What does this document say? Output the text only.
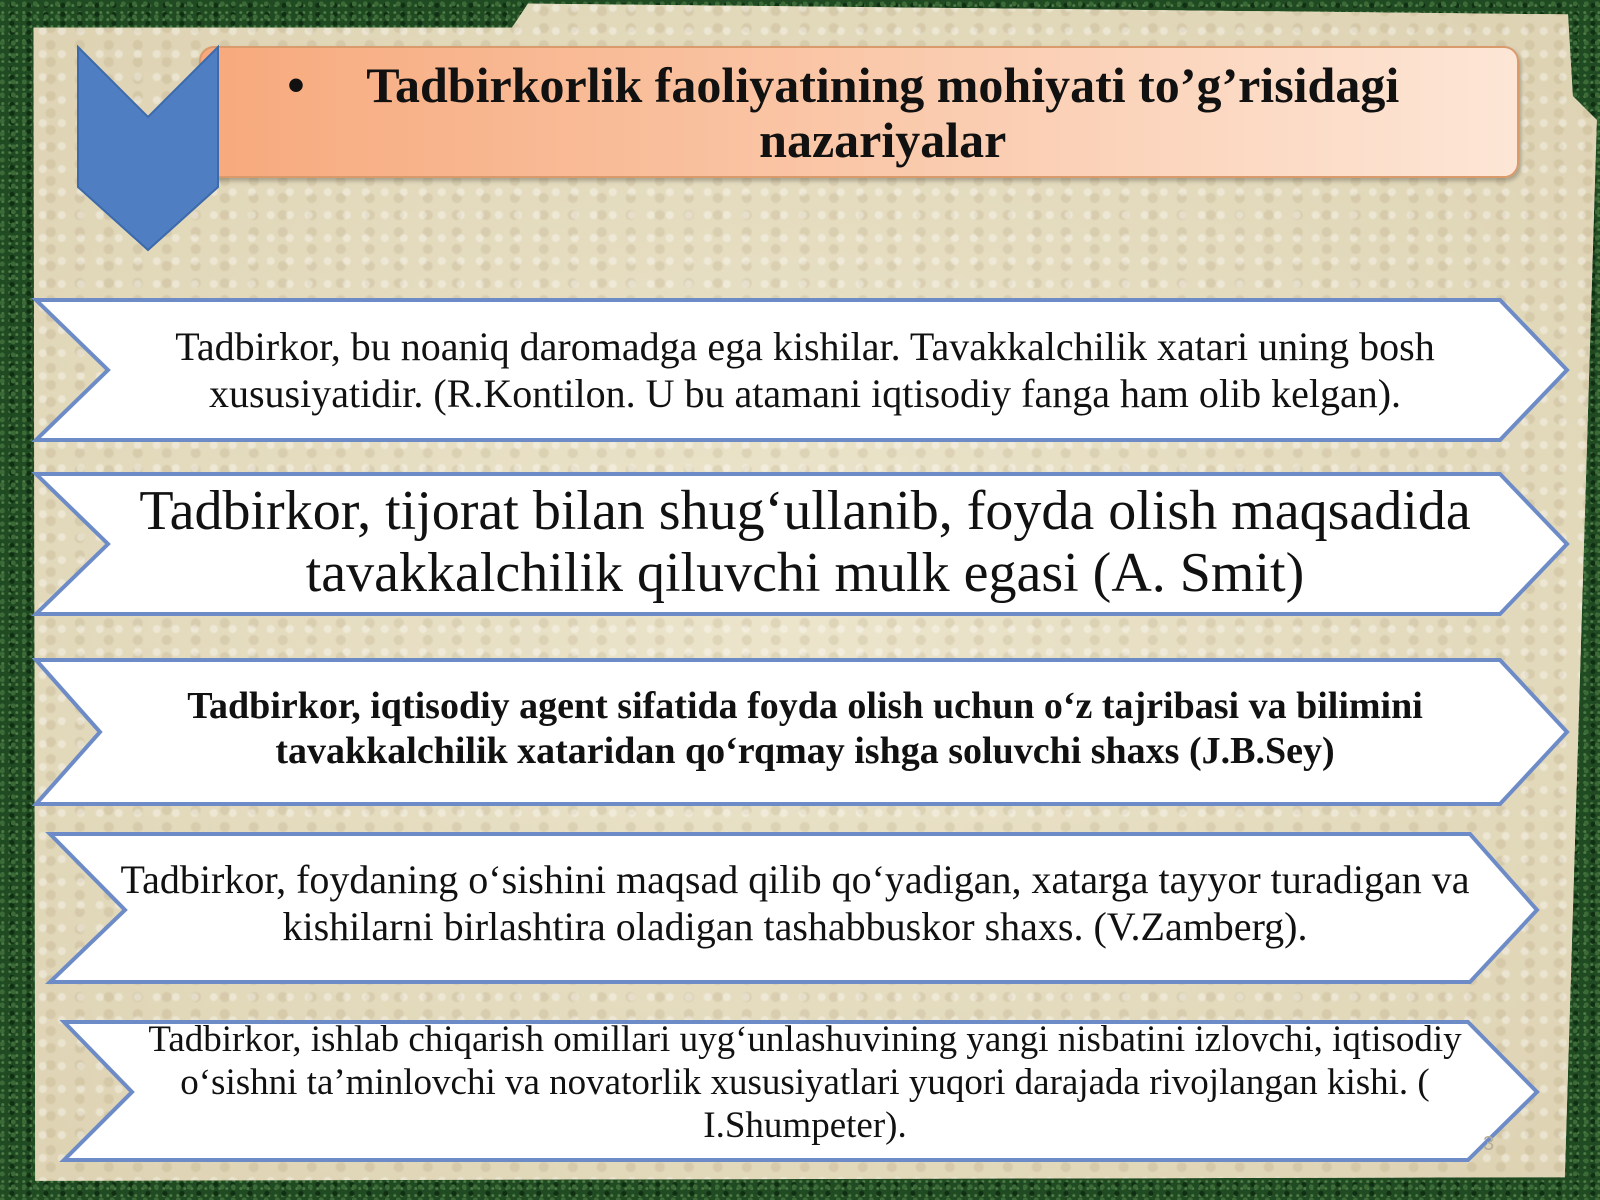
•	Tadbirkorlik faoliyatining mohiyati to’g’risidagi nazariyalar
Tadbirkor, bu noaniq daromadga ega kishilar. Tavakkalchilik xatari uning bosh xususiyatidir. (R.Kontilon. U bu atamani iqtisodiy fanga ham olib kelgan).
Tadbirkor, tijorat bilan shug‘ullanib, foyda olish maqsadida tavakkalchilik qiluvchi mulk egasi (A. Smit)
Tadbirkor, iqtisodiy agent sifatida foyda olish uchun o‘z tajribasi va bilimini tavakkalchilik xataridan qo‘rqmay ishga soluvchi shaxs (J.B.Sey)
Tadbirkor, foydaning o‘sishini maqsad qilib qo‘yadigan, xatarga tayyor turadigan va kishilarni birlashtira oladigan tashabbuskor shaxs. (V.Zamberg).
Tadbirkor, ishlab chiqarish omillari uyg‘unlashuvining yangi nisbatini izlovchi, iqtisodiy o‘sishni ta’minlovchi va novatorlik xususiyatlari yuqori darajada rivojlangan kishi. ( I.Shumpeter).	3
